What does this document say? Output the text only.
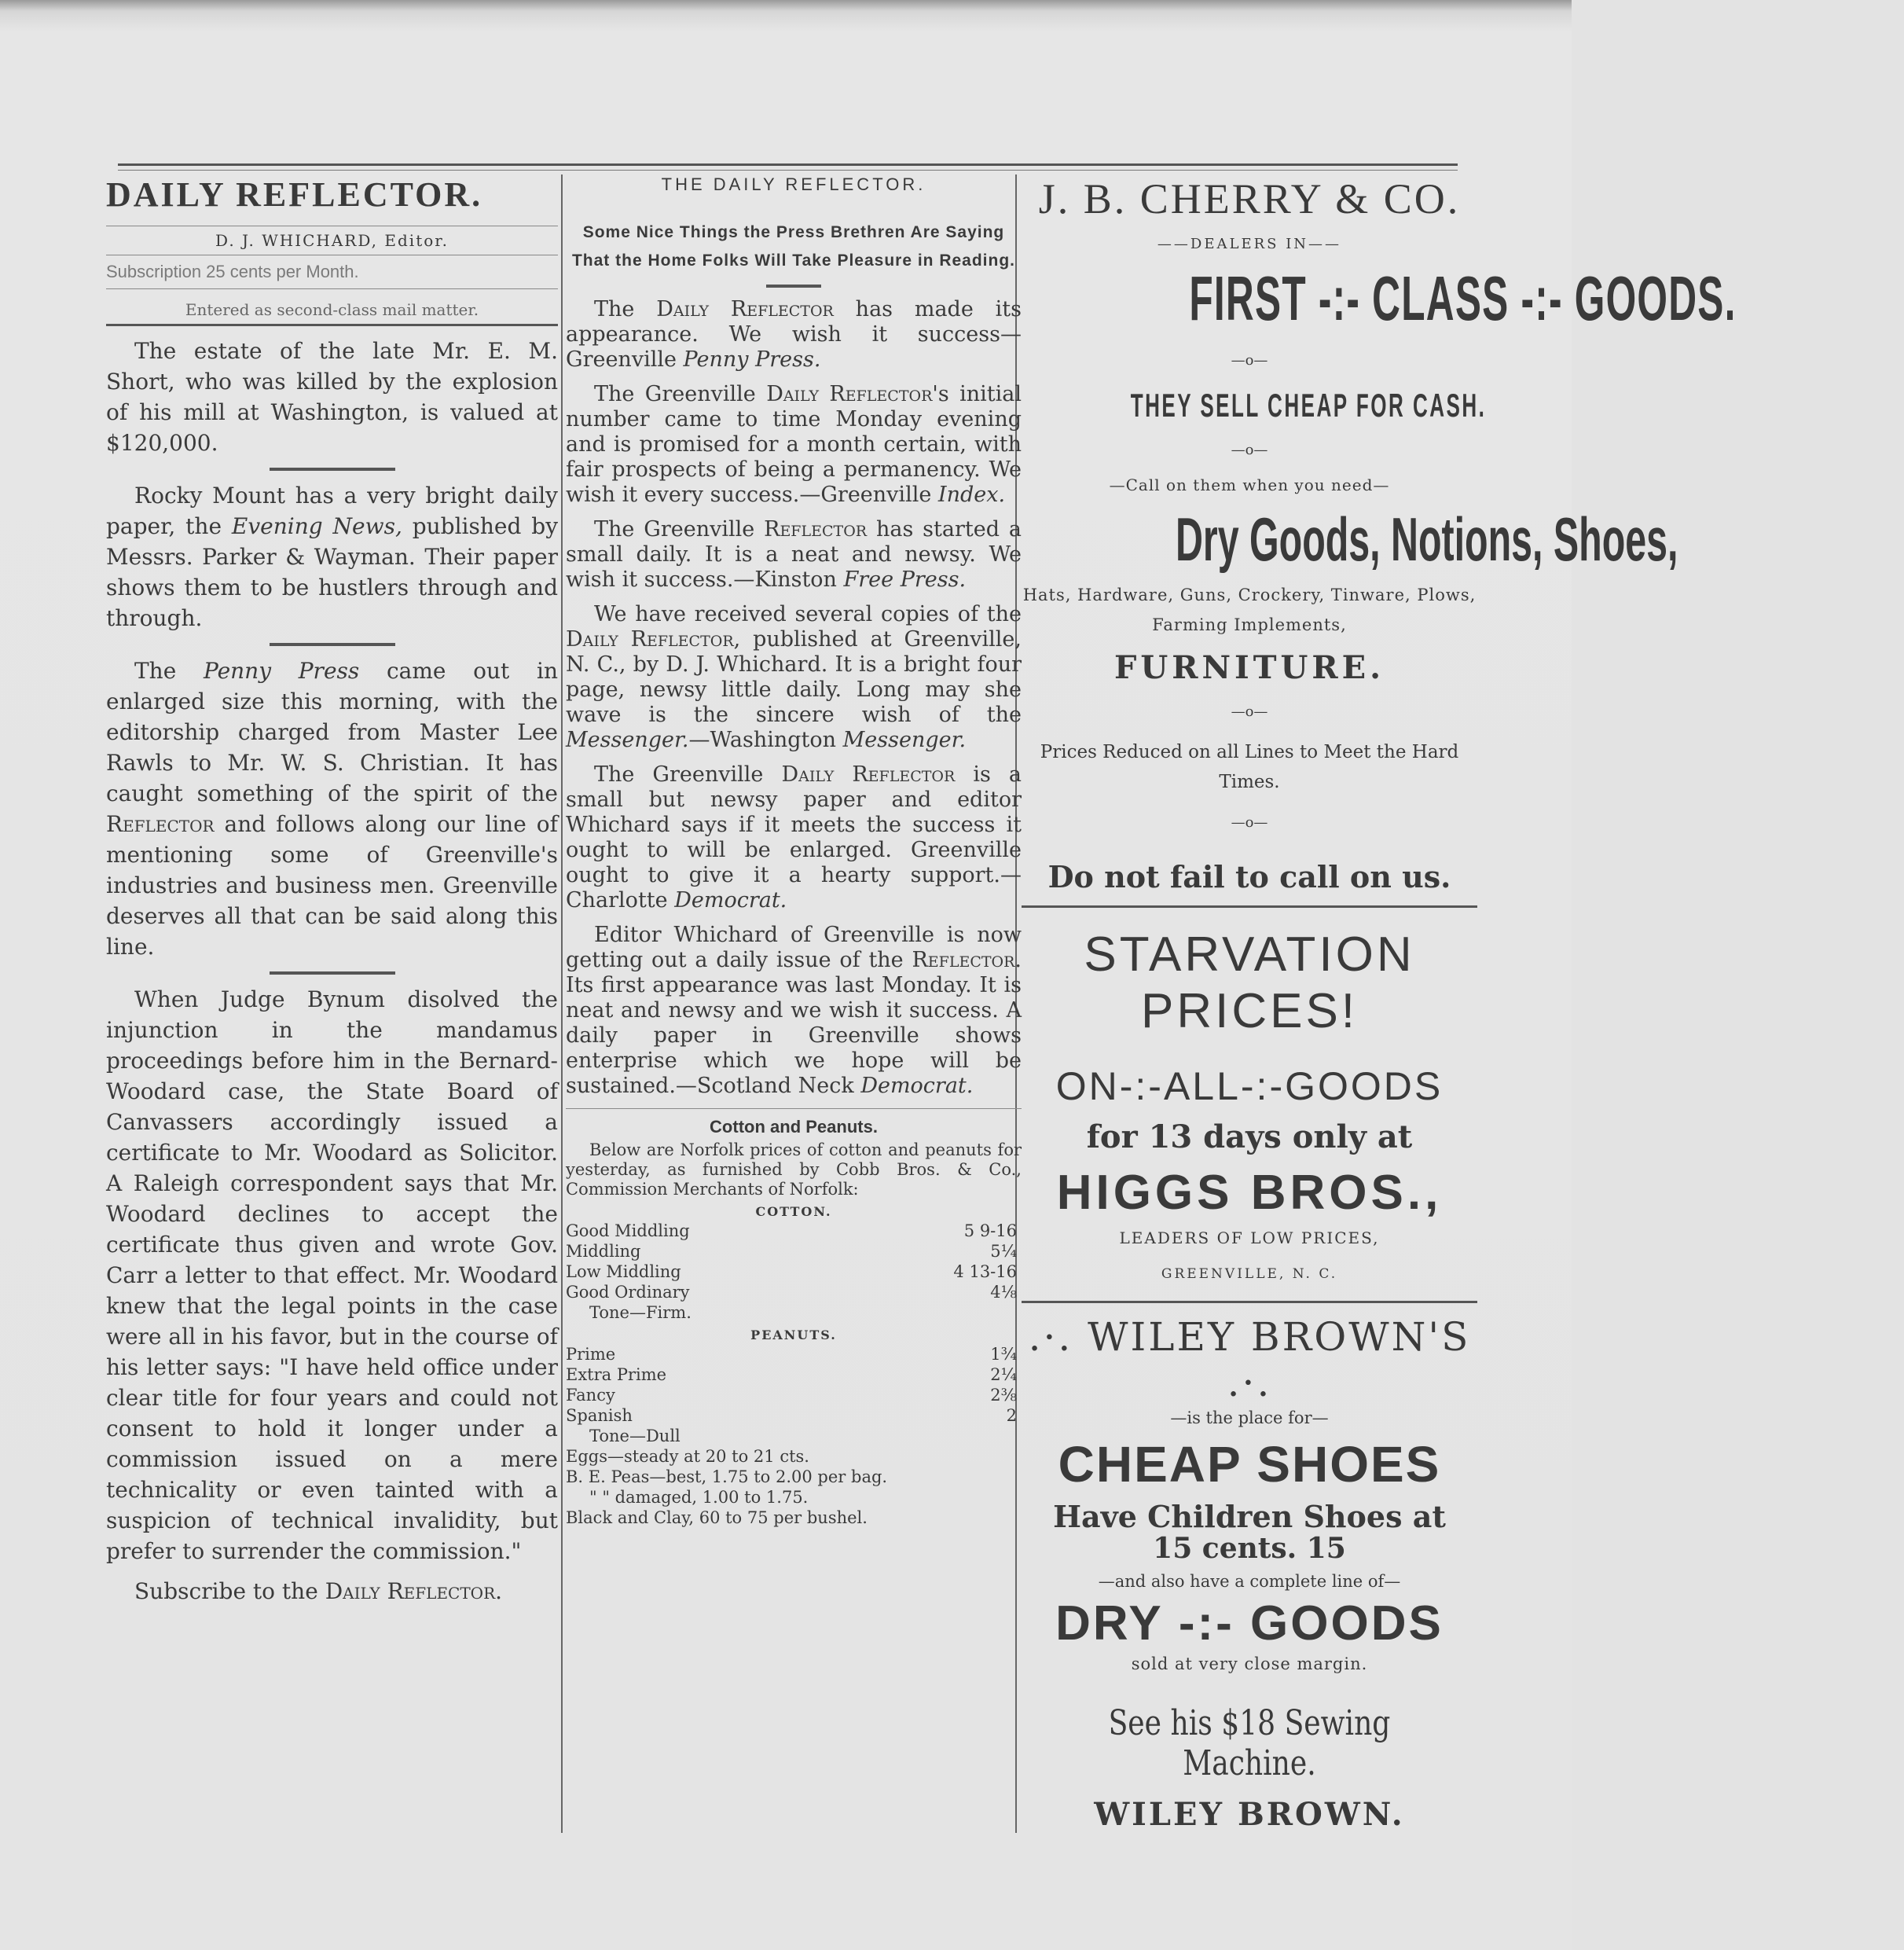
DAILY REFLECTOR.
D. J. WHICHARD, Editor.
Subscription 25 cents per Month.
Entered as second-class mail matter.

The estate of the late Mr. E. M. Short, who was killed by the explosion of his mill at Washington, is valued at $120,000.

Rocky Mount has a very bright daily paper, the Evening News, published by Messrs. Parker & Wayman. Their paper shows them to be hustlers through and through.

The Penny Press came out in enlarged size this morning, with the editorship charged from Master Lee Rawls to Mr. W. S. Christian. It has caught something of the spirit of the Reflector and follows along our line of mentioning some of Greenville's industries and business men. Greenville deserves all that can be said along this line.

When Judge Bynum disolved the injunction in the mandamus proceedings before him in the Bernard-Woodard case, the State Board of Canvassers accordingly issued a certificate to Mr. Woodard as Solicitor. A Raleigh correspondent says that Mr. Woodard declines to accept the certificate thus given and wrote Gov. Carr a letter to that effect. Mr. Woodard knew that the legal points in the case were all in his favor, but in the course of his letter says: "I have held office under clear title for four years and could not consent to hold it longer under a commission issued on a mere technicality or even tainted with a suspicion of technical invalidity, but prefer to surrender the commission."

Subscribe to the Daily Reflector.

THE DAILY REFLECTOR.
Some Nice Things the Press Brethren Are Saying That the Home Folks Will Take Pleasure in Reading.

The Daily Reflector has made its appearance. We wish it success—Greenville Penny Press.

The Greenville Daily Reflector's initial number came to time Monday evening and is promised for a month certain, with fair prospects of being a permanency. We wish it every success.—Greenville Index.

The Greenville Reflector has started a small daily. It is a neat and newsy. We wish it success.—Kinston Free Press.

We have received several copies of the Daily Reflector, published at Greenville, N. C., by D. J. Whichard. It is a bright four page, newsy little daily. Long may she wave is the sincere wish of the Messenger.—Washington Messenger.

The Greenville Daily Reflector is a small but newsy paper and editor Whichard says if it meets the success it ought to will be enlarged. Greenville ought to give it a hearty support.—Charlotte Democrat.

Editor Whichard of Greenville is now getting out a daily issue of the Reflector. Its first appearance was last Monday. It is neat and newsy and we wish it success. A daily paper in Greenville shows enterprise which we hope will be sustained.—Scotland Neck Democrat.

Cotton and Peanuts.
Below are Norfolk prices of cotton and peanuts for yesterday, as furnished by Cobb Bros. & Co., Commission Merchants of Norfolk:
COTTON.
Good Middling	5 9-16
Middling	5¼
Low Middling	4 13-16
Good Ordinary	4⅛
Tone—Firm.
PEANUTS.
Prime	1¾
Extra Prime	2¼
Fancy	2⅜
Spanish	2
Tone—Dull
Eggs—steady at 20 to 21 cts.
B. E. Peas—best, 1.75 to 2.00 per bag.
" " damaged, 1.00 to 1.75.
Black and Clay, 60 to 75 per bushel.
J. B. CHERRY & CO.
——DEALERS IN——
FIRST -:- CLASS -:- GOODS.
—o—
THEY SELL CHEAP FOR CASH.
—o—
—Call on them when you need—
Dry Goods, Notions, Shoes,
Hats, Hardware, Guns, Crockery, Tinware, Plows, Farming Implements,
FURNITURE.
—o—
Prices Reduced on all Lines to Meet the Hard Times.
—o—
Do not fail to call on us.
STARVATION
PRICES!
ON-:-ALL-:-GOODS
for 13 days only at
HIGGS BROS.,
LEADERS OF LOW PRICES,
GREENVILLE, N. C.
.·. WILEY BROWN'S .·.
—is the place for—
CHEAP SHOES
Have Children Shoes at
15 cents. 15
—and also have a complete line of—
DRY -:- GOODS
sold at very close margin.
See his $18 Sewing Machine.
WILEY BROWN.
